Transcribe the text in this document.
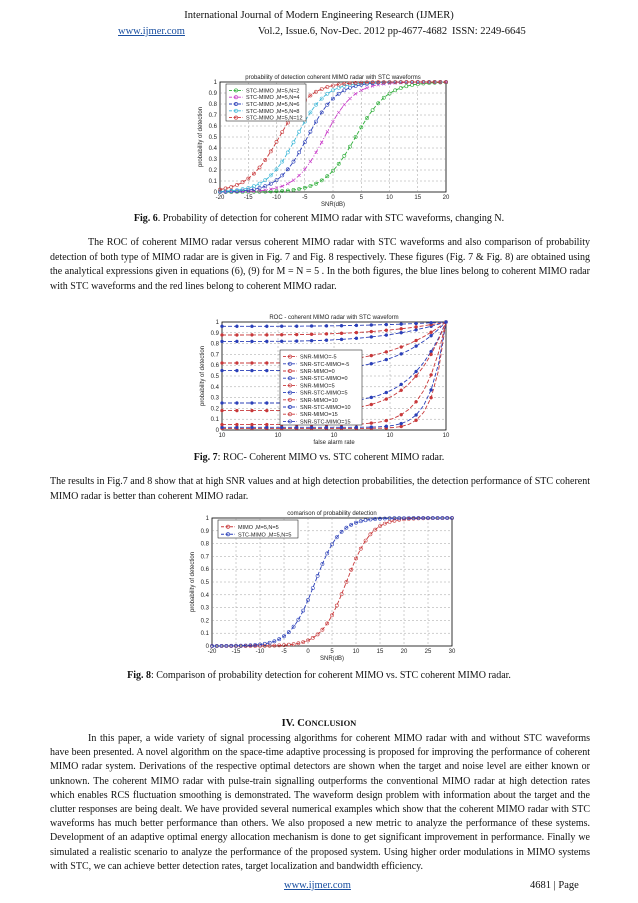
International Journal of Modern Engineering Research (IJMER)
www.ijmer.com	Vol.2, Issue.6, Nov-Dec. 2012 pp-4677-4682 ISSN: 2249-6645
probability of detection coherent MIMO radar with STC waveforms
-20	-15	-10	-5	0	5	10	15	20
0
0.1
0.2
0.3
0.4
0.5
0.6
0.7
0.8
0.9
1
SNR(dB)
probability of detection
STC-MIMO ,M=5,N=2
STC-MIMO ,M=5,N=4
STC-MIMO ,M=5,N=6
STC-MIMO ,M=5,N=8
STC-MIMO ,M=5,N=12
Fig. 6. Probability of detection for coherent MIMO radar with STC waveforms, changing N.

The ROC of coherent MIMO radar versus coherent MIMO radar with STC waveforms and also comparison of probability detection of both type of MIMO radar are is given in Fig. 7 and Fig. 8 respectively. These figures (Fig. 7 & Fig. 8) are obtained using the analytical expressions given in equations (6), (9) for M = N = 5 . In the both figures, the blue lines belong to coherent MIMO radar with STC waveforms and the red lines belong to coherent MIMO radar.

ROC - coherent MIMO radar with STC waveform
10	10	10	10	10
0
0.1
0.2
0.3
0.4
0.5
0.6
0.7
0.8
0.9
1
false alarm rate
probability of detection	SNR-MIMO=-5
SNR-STC-MIMO=-5
SNR-MIMO=0
SNR-STC-MIMO=0
SNR-MIMO=5
SNR-STC-MIMO=5
SNR-MIMO=10
SNR-STC-MIMO=10
SNR-MIMO=15
SNR-STC-MIMO=15
Fig. 7: ROC- Coherent MIMO vs. STC coherent MIMO radar.

The results in Fig.7 and 8 show that at high SNR values and at high detection probabilities, the detection performance of STC coherent MIMO radar is better than coherent MIMO radar.

comarison of probability detection
-20	-15	-10	-5	0	5	10	15	20	25	30
0
0.1
0.2
0.3
0.4
0.5
0.6
0.7
0.8
0.9
1
SNR(dB)
probability of detection
MIMO ,M=5,N=5
STC-MIMO ,M=5,N=5
Fig. 8: Comparison of probability detection for coherent MIMO vs. STC coherent MIMO radar.
IV. CONCLUSION

In this paper, a wide variety of signal processing algorithms for coherent MIMO radar with and without STC waveforms have been presented. A novel algorithm on the space-time adaptive processing is proposed for improving the performance of coherent MIMO radar system. Derivations of the respective optimal detectors are shown when the target and noise level are either known or unknown. The coherent MIMO radar with pulse-train signalling outperforms the conventional MIMO radar at high detection rates which enables RCS fluctuation smoothing is demonstrated. The waveform design problem with information about the target and the clutter responses are being dealt. We have provided several numerical examples which show that the coherent MIMO radar with STC waveforms has much better performance than others. We also proposed a new metric to analyze the performance of these systems. Development of an adaptive optimal energy allocation mechanism is done to get significant improvement in performance. Finally we simulated a realistic scenario to analyze the performance of the proposed system. Using higher order modulations in MIMO systems with STC, we can achieve better detection rates, target localization and bandwidth efficiency.

www.ijmer.com	4681 | Page
